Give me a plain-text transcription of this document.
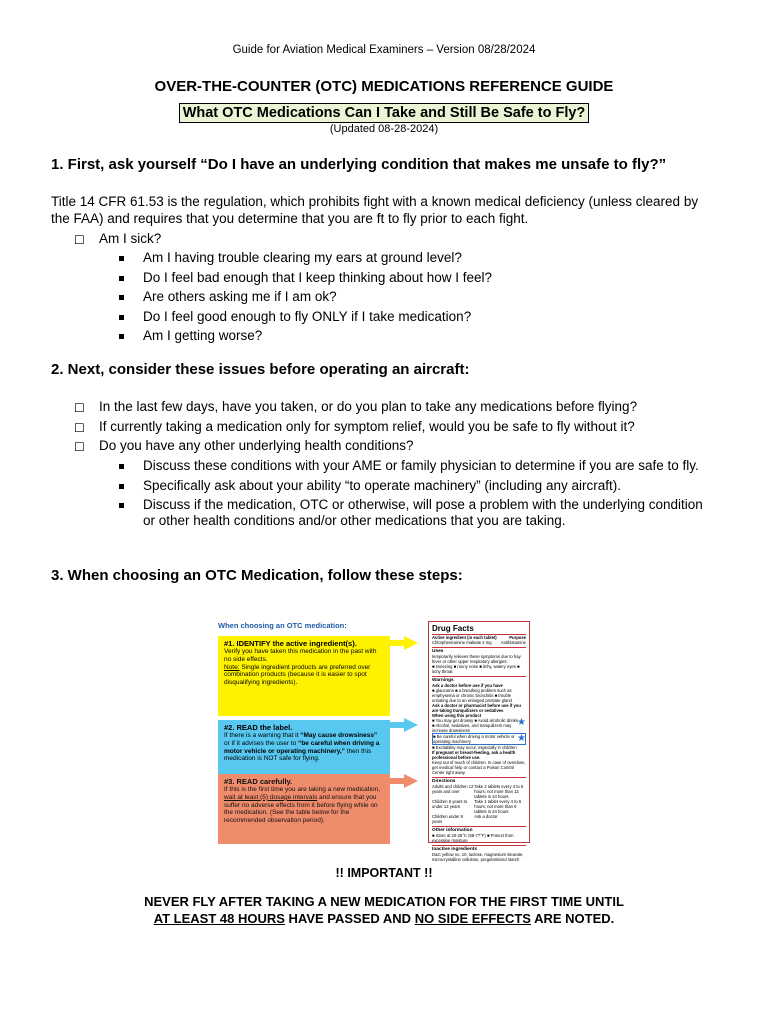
Guide for Aviation Medical Examiners – Version 08/28/2024
OVER-THE-COUNTER (OTC) MEDICATIONS REFERENCE GUIDE
What OTC Medications Can I Take and Still Be Safe to Fly?
(Updated 08-28-2024)

1. First, ask yourself “Do I have an underlying condition that makes me unsafe to fly?”

Title 14 CFR 61.53 is the regulation, which prohibits fight with a known medical deficiency (unless cleared by the FAA) and requires that you determine that you are ft to fly prior to each fight.

☐ Am I sick?
Am I having trouble clearing my ears at ground level?
Do I feel bad enough that I keep thinking about how I feel?
Are others asking me if I am ok?
Do I feel good enough to fly ONLY if I take medication?
Am I getting worse?

2. Next, consider these issues before operating an aircraft:

☐ In the last few days, have you taken, or do you plan to take any medications before flying?
☐ If currently taking a medication only for symptom relief, would you be safe to fly without it?
☐ Do you have any other underlying health conditions?
Discuss these conditions with your AME or family physician to determine if you are safe to fly.
Specifically ask about your ability “to operate machinery” (including any aircraft).
Discuss if the medication, OTC or otherwise, will pose a problem with the underlying condition or other health conditions and/or other medications that you are taking.

3. When choosing an OTC Medication, follow these steps:

When choosing an OTC medication:
#1. IDENTIFY the active ingredient(s).
Verify you have taken this medication in the past with no side effects.
Note: Single ingredient products are preferred over combination products (because it is easier to spot disqualifying ingredients).
#2. READ the label.
If there is a warning that it “May cause drowsiness” or if it advises the user to “be careful when driving a motor vehicle or operating machinery,” then this medication is NOT safe for flying.
#3. READ carefully.
If this is the first time you are taking a new medication, wait at least (5) dosage intervals and ensure that you suffer no adverse effects from it before flying while on the medication. (See the table below for the recommended observation period).
Drug Facts
Active ingredient (in each tablet)	Purpose
Chlorpheniramine maleate 2 mg Antihistamine
Uses
temporarily relieves these symptoms due to hay fever or other upper respiratory allergies:
■ sneezing ■ runny nose ■ itchy, watery eyes ■ itchy throat
Warnings
Ask a doctor before use if you have
■ glaucoma ■ a breathing problem such as emphysema or chronic bronchitis ■ trouble urinating due to an enlarged prostate gland
Ask a doctor or pharmacist before use if you are taking tranquilizers or sedatives
When using this product
■ You may get drowsy ■ Avoid alcoholic drinks
■ Alcohol, sedatives, and tranquilizers may increase drowsiness
■ Be careful when driving a motor vehicle or operating machinery
■ Excitability may occur, especially in children
If pregnant or breast-feeding, ask a health professional before use.
Keep out of reach of children. In case of overdose, get medical help or contact a Poison Control Center right away.
Directions
Adults and children 12 years and over
Take 2 tablets every 4 to 6 hours; not more than 12 tablets in 24 hours
Children 6 years to under 12 years
Take 1 tablet every 4 to 6 hours; not more than 6 tablets in 24 hours
Children under 6 years
Ask a doctor
Other information
■ Store at 20-25°C (68-77°F) ■ Protect from excessive moisture
Inactive ingredients
D&C yellow no. 10, lactose, magnesium stearate, microcrystalline cellulose, pregelatinized starch
★
★
!! IMPORTANT !!
NEVER FLY AFTER TAKING A NEW MEDICATION FOR THE FIRST TIME UNTIL
AT LEAST 48 HOURS HAVE PASSED AND NO SIDE EFFECTS ARE NOTED.
